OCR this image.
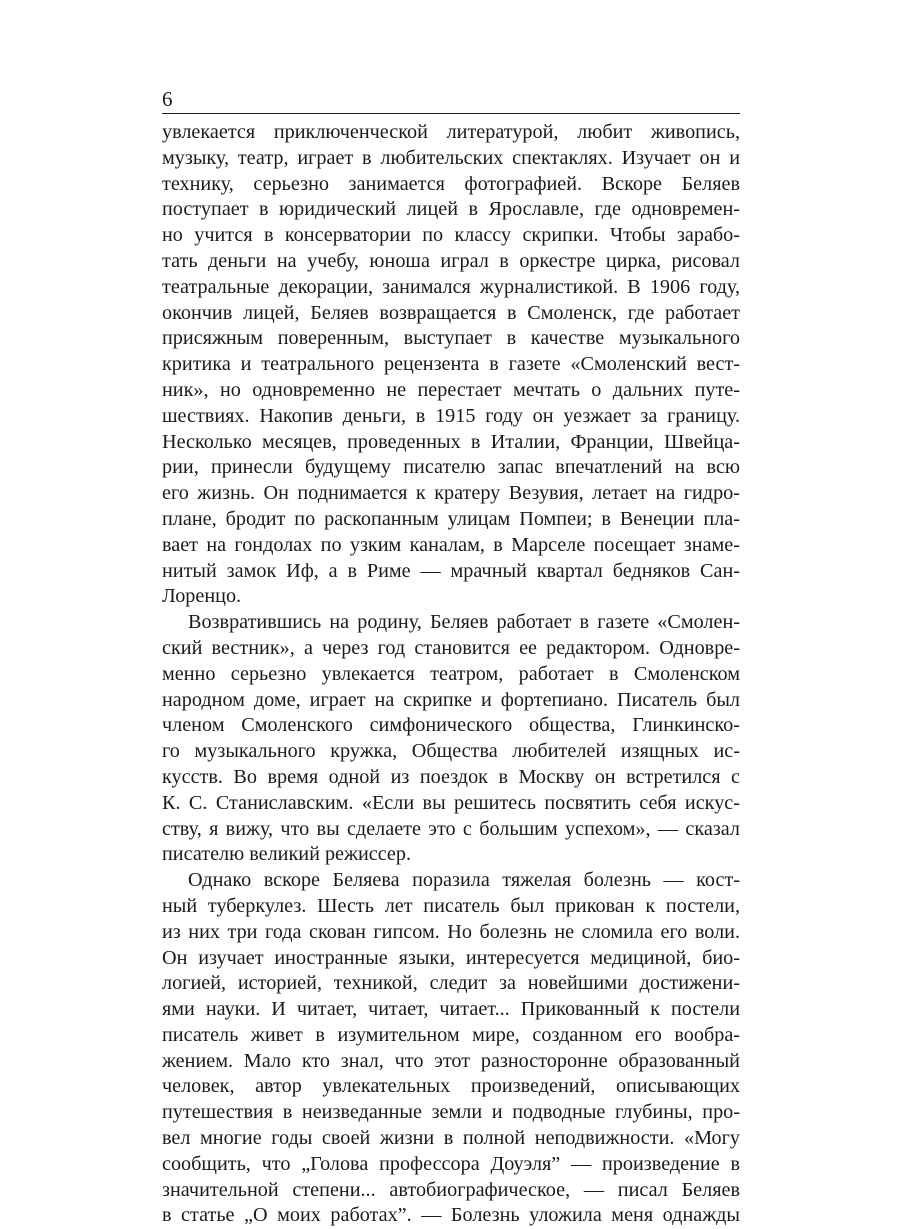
6
увлекается приключенческой литературой, любит живопись,
музыку, театр, играет в любительских спектаклях. Изучает он и
технику, серьезно занимается фотографией. Вскоре Беляев
поступает в юридический лицей в Ярославле, где одновремен-
но учится в консерватории по классу скрипки. Чтобы зарабо-
тать деньги на учебу, юноша играл в оркестре цирка, рисовал
театральные декорации, занимался журналистикой. В 1906 году,
окончив лицей, Беляев возвращается в Смоленск, где работает
присяжным поверенным, выступает в качестве музыкального
критика и театрального рецензента в газете «Смоленский вест-
ник», но одновременно не перестает мечтать о дальних путе-
шествиях. Накопив деньги, в 1915 году он уезжает за границу.
Несколько месяцев, проведенных в Италии, Франции, Швейца-
рии, принесли будущему писателю запас впечатлений на всю
его жизнь. Он поднимается к кратеру Везувия, летает на гидро-
плане, бродит по раскопанным улицам Помпеи; в Венеции пла-
вает на гондолах по узким каналам, в Марселе посещает знаме-
нитый замок Иф, а в Риме — мрачный квартал бедняков Сан-
Лоренцо.
Возвратившись на родину, Беляев работает в газете «Смолен-
ский вестник», а через год становится ее редактором. Одновре-
менно серьезно увлекается театром, работает в Смоленском
народном доме, играет на скрипке и фортепиано. Писатель был
членом Смоленского симфонического общества, Глинкинско-
го музыкального кружка, Общества любителей изящных ис-
кусств. Во время одной из поездок в Москву он встретился с
К. С. Станиславским. «Если вы решитесь посвятить себя искус-
ству, я вижу, что вы сделаете это с большим успехом», — сказал
писателю великий режиссер.
Однако вскоре Беляева поразила тяжелая болезнь — кост-
ный туберкулез. Шесть лет писатель был прикован к постели,
из них три года скован гипсом. Но болезнь не сломила его воли.
Он изучает иностранные языки, интересуется медициной, био-
логией, историей, техникой, следит за новейшими достижени-
ями науки. И читает, читает, читает... Прикованный к постели
писатель живет в изумительном мире, созданном его вообра-
жением. Мало кто знал, что этот разносторонне образованный
человек, автор увлекательных произведений, описывающих
путешествия в неизведанные земли и подводные глубины, про-
вел многие годы своей жизни в полной неподвижности. «Могу
сообщить, что „Голова профессора Доуэля” — произведение в
значительной степени... автобиографическое, — писал Беляев
в статье „О моих работах”. — Болезнь уложила меня однажды
